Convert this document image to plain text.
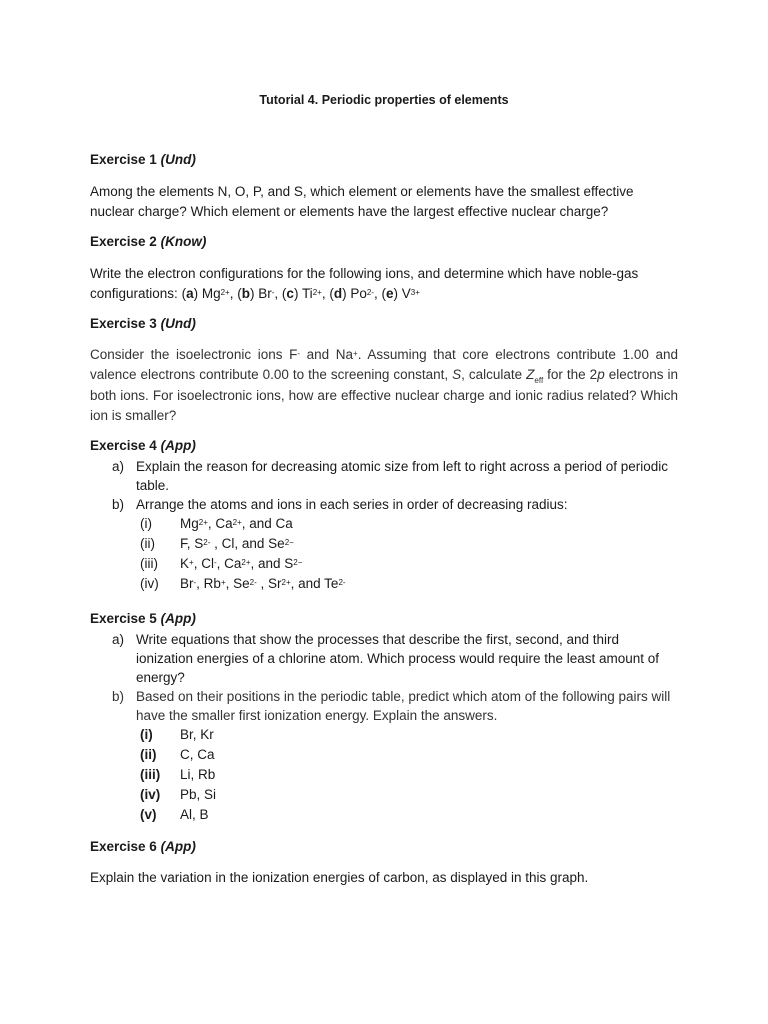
Tutorial 4. Periodic properties of elements
Exercise 1 (Und)
Among the elements N, O, P, and S, which element or elements have the smallest effective nuclear charge? Which element or elements have the largest effective nuclear charge?
Exercise 2 (Know)
Write the electron configurations for the following ions, and determine which have noble-gas configurations: (a) $Mg^{2+}$, (b) Br-, (c) $Ti^{2+}$, (d) $Po^{2-}$, (e) $V^{3+}$
Exercise 3 (Und)
Consider the isoelectronic ions F- and Na+. Assuming that core electrons contribute 1.00 and valence electrons contribute 0.00 to the screening constant, S, calculate $Z_{eff}$ for the 2p electrons in both ions. For isoelectronic ions, how are effective nuclear charge and ionic radius related? Which ion is smaller?
Exercise 4 (App)
a) Explain the reason for decreasing atomic size from left to right across a period of periodic table.
b) Arrange the atoms and ions in each series in order of decreasing radius:
(i) $Mg^{2+}$, $Ca^{2+}$, and Ca
(ii) F, $S^{2-}$ , Cl, and $Se^{2-}$
(iii) K+, Cl-, $Ca^{2+}$, and $S^{2-}$
(iv) Br-, Rb+, $Se^{2-}$ , $Sr^{2+}$, and $Te^{2-}$
Exercise 5 (App)
a) Write equations that show the processes that describe the first, second, and third ionization energies of a chlorine atom. Which process would require the least amount of energy?
b) Based on their positions in the periodic table, predict which atom of the following pairs will have the smaller first ionization energy. Explain the answers.
(i) Br, Kr
(ii) C, Ca
(iii) Li, Rb
(iv) Pb, Si
(v) Al, B
Exercise 6 (App)
Explain the variation in the ionization energies of carbon, as displayed in this graph.
